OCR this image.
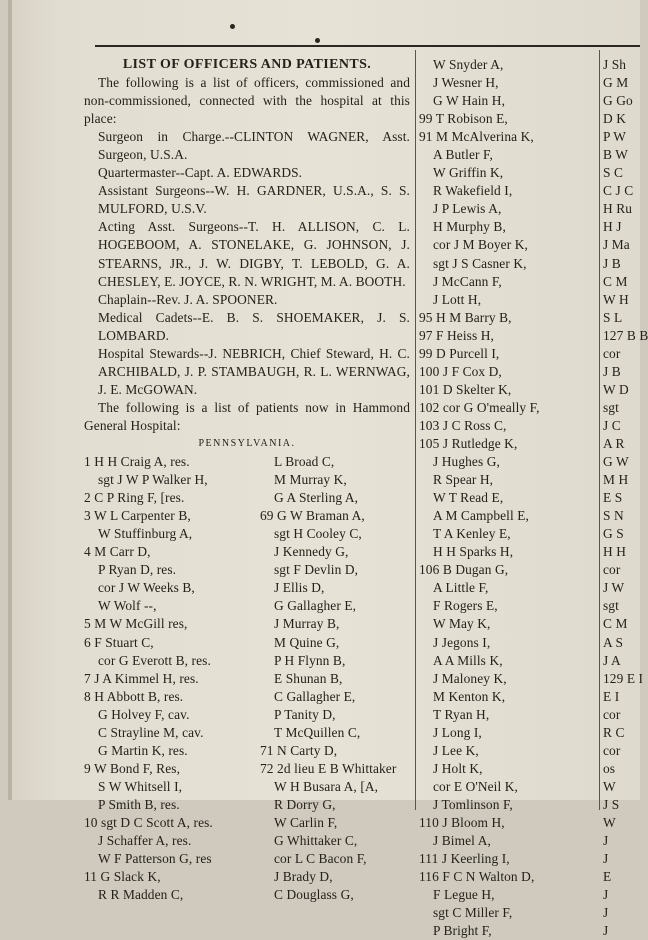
LIST OF OFFICERS AND PATIENTS.
The following is a list of officers, commissioned and non-commissioned, connected with the hospital at this place:
Surgeon in Charge.--CLINTON WAGNER, Asst. Surgeon, U.S.A.
Quartermaster--Capt. A. EDWARDS.
Assistant Surgeons--W. H. GARDNER, U.S.A., S. S. MULFORD, U.S.V.
Acting Asst. Surgeons--T. H. ALLISON, C. L. HOGEBOOM, A. STONELAKE, G. JOHNSON, J. STEARNS, JR., J. W. DIGBY, T. LEBOLD, G. A. CHESLEY, E. JOYCE, R. N. WRIGHT, M. A. BOOTH.
Chaplain--Rev. J. A. SPOONER.
Medical Cadets--E. B. S. SHOEMAKER, J. S. LOMBARD.
Hospital Stewards--J. NEBRICH, Chief Steward, H. C. ARCHIBALD, J. P. STAMBAUGH, R. L. WERNWAG, J. E. McGOWAN.
The following is a list of patients now in Hammond General Hospital:
PENNSYLVANIA.
1 H H Craig A, res.
sgt J W P Walker H,
2 C P Ring F, [res.
3 W L Carpenter B,
W Stuffinburg A,
4 M Carr D,
P Ryan D, res.
cor J W Weeks B,
W Wolf --,
5 M W McGill res,
6 F Stuart C,
cor G Everott B, res.
7 J A Kimmel H, res.
8 H Abbott B, res.
G Holvey F, cav.
C Strayline M, cav.
G Martin K, res.
9 W Bond F, Res,
S W Whitsell I,
P Smith B, res.
10 sgt D C Scott A, res.
J Schaffer A, res.
W F Patterson G, res
11 G Slack K,
R R Madden C,
L Broad C,
M Murray K,
G A Sterling A,
69 G W Braman A,
sgt H Cooley C,
J Kennedy G,
sgt F Devlin D,
J Ellis D,
G Gallagher E,
J Murray B,
M Quine G,
P H Flynn B,
E Shunan B,
C Gallagher E,
P Tanity D,
T McQuillen C,
71 N Carty D,
72 2d lieu E B Whittaker
W H Busara A, [A,
R Dorry G,
W Carlin F,
G Whittaker C,
cor L C Bacon F,
J Brady D,
C Douglass G,
W Snyder A,
J Wesner H,
G W Hain H,
99 T Robison E,
91 M McAlverina K,
A Butler F,
W Griffin K,
R Wakefield I,
J P Lewis A,
H Murphy B,
cor J M Boyer K,
sgt J S Casner K,
J McCann F,
J Lott H,
95 H M Barry B,
97 F Heiss H,
99 D Purcell I,
100 J F Cox D,
101 D Skelter K,
102 cor G O'meally F,
103 J C Ross C,
105 J Rutledge K,
J Hughes G,
R Spear H,
W T Read E,
A M Campbell E,
T A Kenley E,
H H Sparks H,
106 B Dugan G,
A Little F,
F Rogers E,
W May K,
J Jegons I,
A A Mills K,
J Maloney K,
M Kenton K,
T Ryan H,
J Long I,
J Lee K,
J Holt K,
cor E O'Neil K,
J Tomlinson F,
110 J Bloom H,
J Bimel A,
111 J Keerling I,
116 F C N Walton D,
F Legue H,
sgt C Miller F,
P Bright F,
J Sh
G M
G Go
D K
P W
B W
S C
C J C
H Ru
H J
J Ma
J B
C M
W H
S L
127 B B
cor
J B
W D
sgt
J C
A R
G W
M H
E S
S N
G S
H H
cor
J W
sgt
C M
A S
J A
129 E I
E I
cor
R C
cor
os
W
J S
W
J
J
E
J
J
J
